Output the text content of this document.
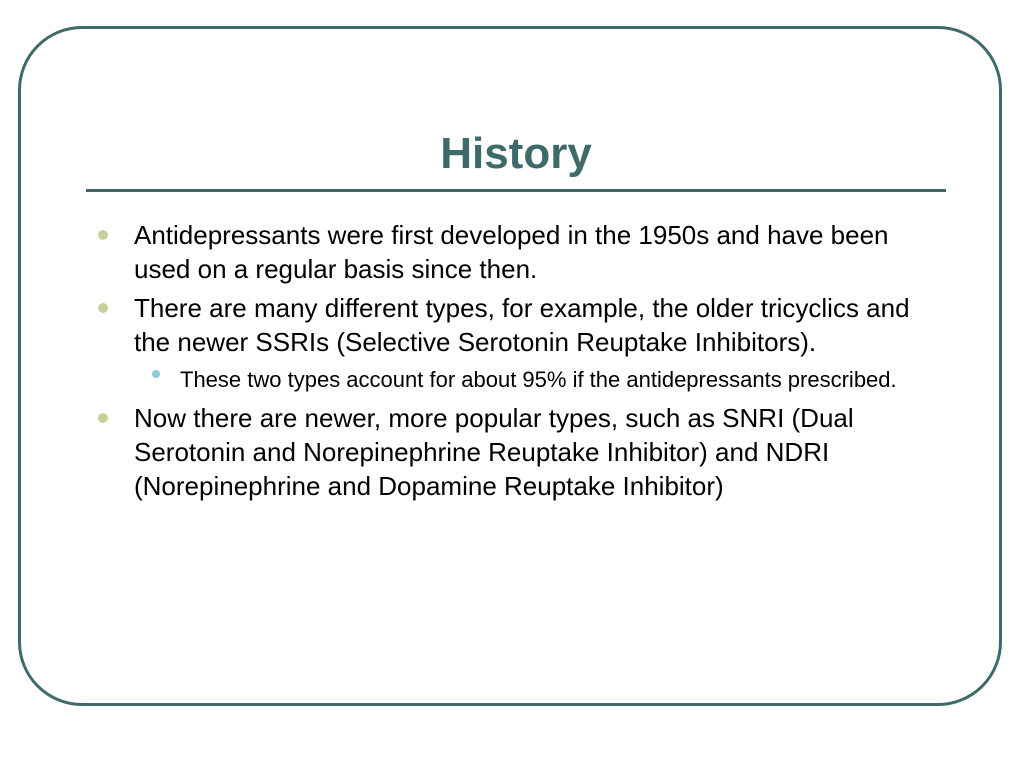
History
Antidepressants were first developed in the 1950s and have been used on a regular basis since then.
There are many different types, for example, the older tricyclics and the newer SSRIs (Selective Serotonin Reuptake Inhibitors).
These two types account for about 95% if the antidepressants prescribed.
Now there are newer, more popular types, such as SNRI (Dual Serotonin and Norepinephrine Reuptake Inhibitor) and NDRI (Norepinephrine and Dopamine Reuptake Inhibitor)
